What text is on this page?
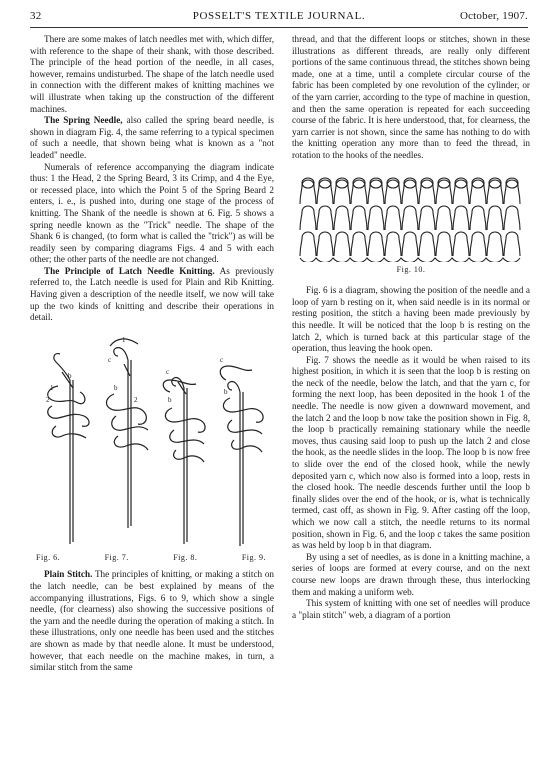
32	POSSELT'S TEXTILE JOURNAL.	October, 1907.

There are some makes of latch needles met with, which differ, with reference to the shape of their shank, with those described. The principle of the head portion of the needle, in all cases, however, remains undisturbed. The shape of the latch needle used in connection with the different makes of knitting machines we will illustrate when taking up the construction of the different machines.

The Spring Needle, also called the spring beard needle, is shown in diagram Fig. 4, the same referring to a typical specimen of such a needle, that shown being what is known as a "not leaded" needle.

Numerals of reference accompanying the diagram indicate thus: 1 the Head, 2 the Spring Beard, 3 its Crimp, and 4 the Eye, or recessed place, into which the Point 5 of the Spring Beard 2 enters, i. e., is pushed into, during one stage of the process of knitting. The Shank of the needle is shown at 6. Fig. 5 shows a spring needle known as the "Trick" needle. The shape of the Shank 6 is changed, (to form what is called the "trick") as will be readily seen by comparing diagrams Figs. 4 and 5 with each other; the other parts of the needle are not changed.

The Principle of Latch Needle Knitting. As previously referred to, the Latch needle is used for Plain and Rib Knitting. Having given a description of the needle itself, we now will take up the two kinds of knitting and describe their operations in detail.

1
2
1
b
2
c
c
b
c
b
b
Fig. 6.	Fig. 7.	Fig. 8.	Fig. 9.

Plain Stitch. The principles of knitting, or making a stitch on the latch needle, can be best explained by means of the accompanying illustrations, Figs. 6 to 9, which show a single needle, (for clearness) also showing the successive positions of the yarn and the needle during the operation of making a stitch. In these illustrations, only one needle has been used and the stitches are shown as made by that needle alone. It must be understood, however, that each needle on the machine makes, in turn, a similar stitch from the same

thread, and that the different loops or stitches, shown in these illustrations as different threads, are really only different portions of the same continuous thread, the stitches shown being made, one at a time, until a complete circular course of the fabric has been completed by one revolution of the cylinder, or of the yarn carrier, according to the type of machine in question, and then the same operation is repeated for each succeeding course of the fabric. It is here understood, that, for clearness, the yarn carrier is not shown, since the same has nothing to do with the knitting operation any more than to feed the thread, in rotation to the hooks of the needles.

Fig. 10.

Fig. 6 is a diagram, showing the position of the needle and a loop of yarn b resting on it, when said needle is in its normal or resting position, the stitch a having been made previously by this needle. It will be noticed that the loop b is resting on the latch 2, which is turned back at this particular stage of the operation, thus leaving the hook open.

Fig. 7 shows the needle as it would be when raised to its highest position, in which it is seen that the loop b is resting on the neck of the needle, below the latch, and that the yarn c, for forming the next loop, has been deposited in the hook 1 of the needle. The needle is now given a downward movement, and the latch 2 and the loop b now take the position shown in Fig. 8, the loop b practically remaining stationary while the needle moves, thus causing said loop to push up the latch 2 and close the hook, as the needle slides in the loop. The loop b is now free to slide over the end of the closed hook, while the newly deposited yarn c, which now also is formed into a loop, rests in the closed hook. The needle descends further until the loop b finally slides over the end of the hook, or is, what is technically termed, cast off, as shown in Fig. 9. After casting off the loop, which we now call a stitch, the needle returns to its normal position, shown in Fig. 6, and the loop c takes the same position as was held by loop b in that diagram.

By using a set of needles, as is done in a knitting machine, a series of loops are formed at every course, and on the next course new loops are drawn through these, thus interlocking them and making a uniform web.

This system of knitting with one set of needles will produce a "plain stitch" web, a diagram of a portion
